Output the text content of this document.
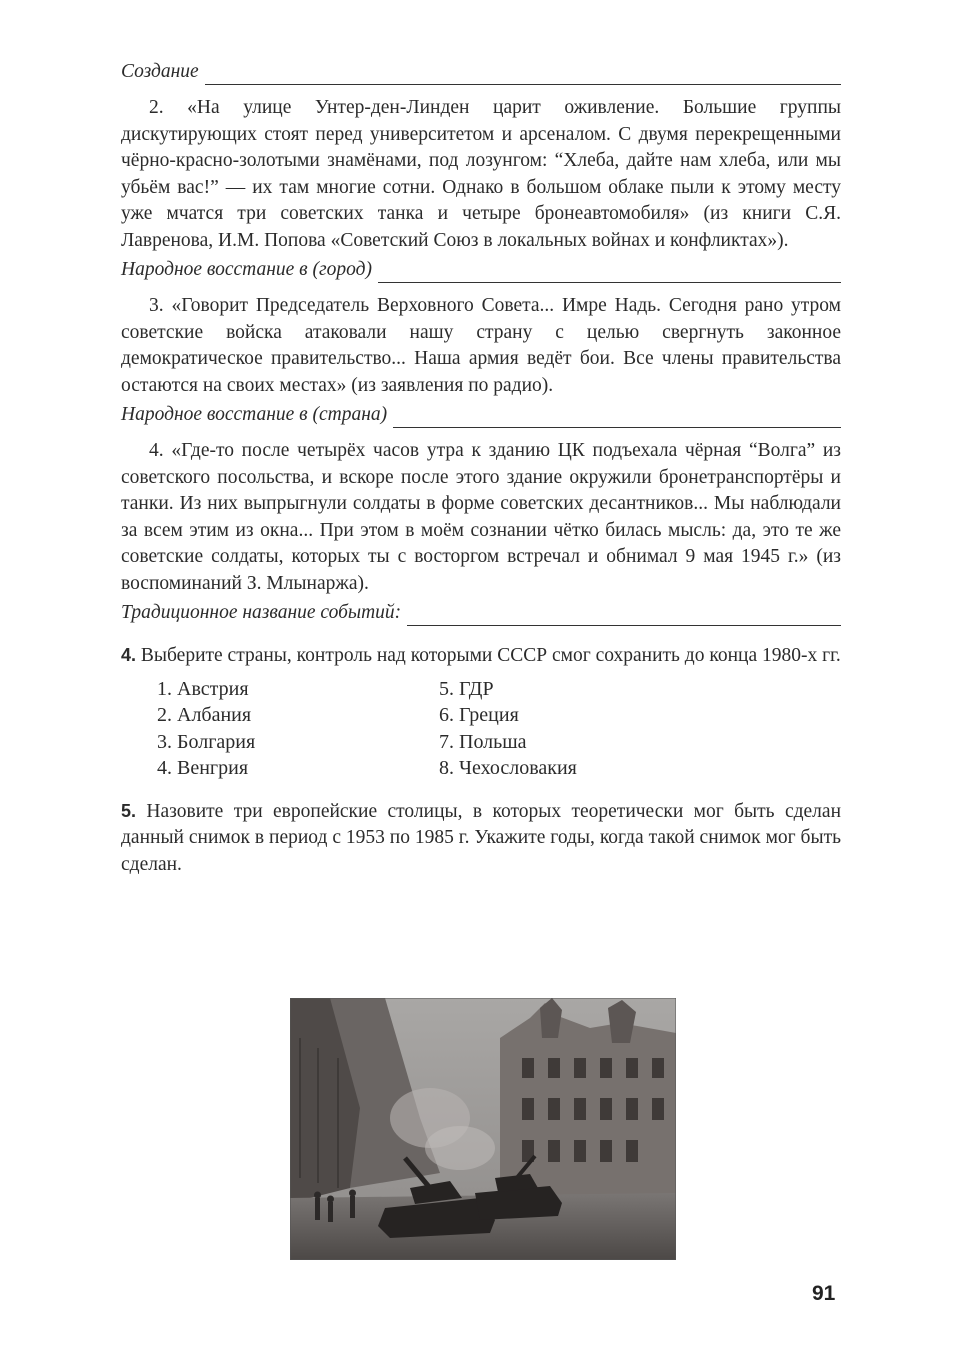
Создание

2. «На улице Унтер-ден-Линден царит оживление. Большие группы дискутирующих стоят перед университетом и арсеналом. С двумя перекрещенными чёрно-красно-золотыми знамёнами, под лозунгом: “Хлеба, дайте нам хлеба, или мы убьём вас!” — их там многие сотни. Однако в большом облаке пыли к этому месту уже мчатся три советских танка и четыре бронеавтомобиля» (из книги С.Я. Лавренова, И.М. Попова «Советский Союз в локальных войнах и конфликтах»).

Народное восстание в (город)

3. «Говорит Председатель Верховного Совета... Имре Надь. Сегодня рано утром советские войска атаковали нашу страну с целью свергнуть законное демократическое правительство... Наша армия ведёт бои. Все члены правительства остаются на своих местах» (из заявления по радио).

Народное восстание в (страна)

4. «Где-то после четырёх часов утра к зданию ЦК подъехала чёрная “Волга” из советского посольства, и вскоре после этого здание окружили бронетранспортёры и танки. Из них выпрыгнули солдаты в форме советских десантников... Мы наблюдали за всем этим из окна... При этом в моём сознании чётко билась мысль: да, это те же советские солдаты, которых ты с восторгом встречал и обнимал 9 мая 1945 г.» (из воспоминаний З. Млынаржа).

Традиционное название событий:

4. Выберите страны, контроль над которыми СССР смог сохранить до конца 1980-х гг.

1. Австрия	5. ГДР
2. Албания	6. Греция
3. Болгария	7. Польша
4. Венгрия	8. Чехословакия

5. Назовите три европейские столицы, в которых теоретически мог быть сделан данный снимок в период с 1953 по 1985 г. Укажите годы, когда такой снимок мог быть сделан.

91
